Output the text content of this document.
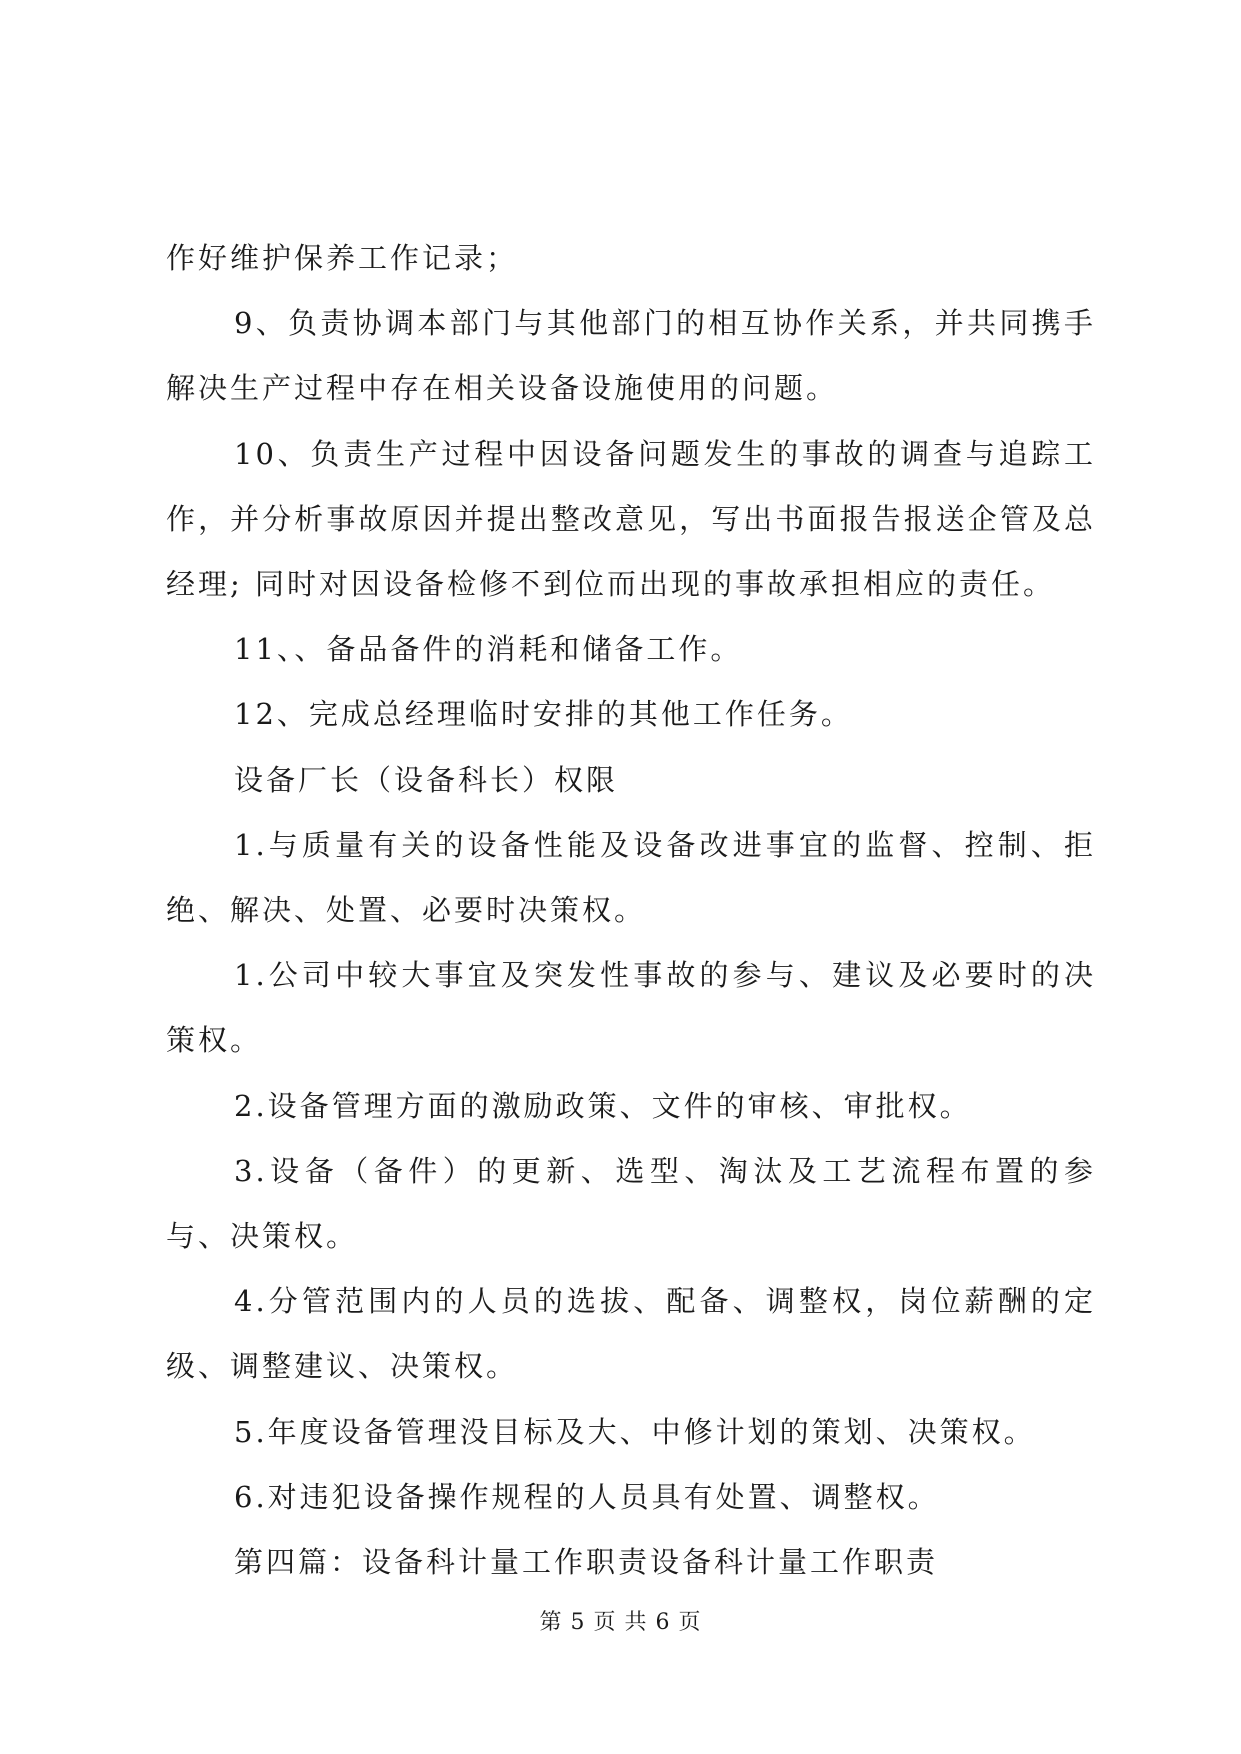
作好维护保养工作记录；

9、负责协调本部门与其他部门的相互协作关系，并共同携手解决生产过程中存在相关设备设施使用的问题。

10、负责生产过程中因设备问题发生的事故的调查与追踪工作，并分析事故原因并提出整改意见，写出书面报告报送企管及总经理; 同时对因设备检修不到位而出现的事故承担相应的责任。

11、、备品备件的消耗和储备工作。

12、完成总经理临时安排的其他工作任务。

设备厂长（设备科长）权限

1.与质量有关的设备性能及设备改进事宜的监督、控制、拒绝、解决、处置、必要时决策权。

1.公司中较大事宜及突发性事故的参与、建议及必要时的决策权。

2.设备管理方面的激励政策、文件的审核、审批权。

3.设备（备件）的更新、选型、淘汰及工艺流程布置的参与、决策权。

4.分管范围内的人员的选拔、配备、调整权，岗位薪酬的定级、调整建议、决策权。

5.年度设备管理没目标及大、中修计划的策划、决策权。

6.对违犯设备操作规程的人员具有处置、调整权。

第四篇：设备科计量工作职责设备科计量工作职责

第 5 页 共 6 页
